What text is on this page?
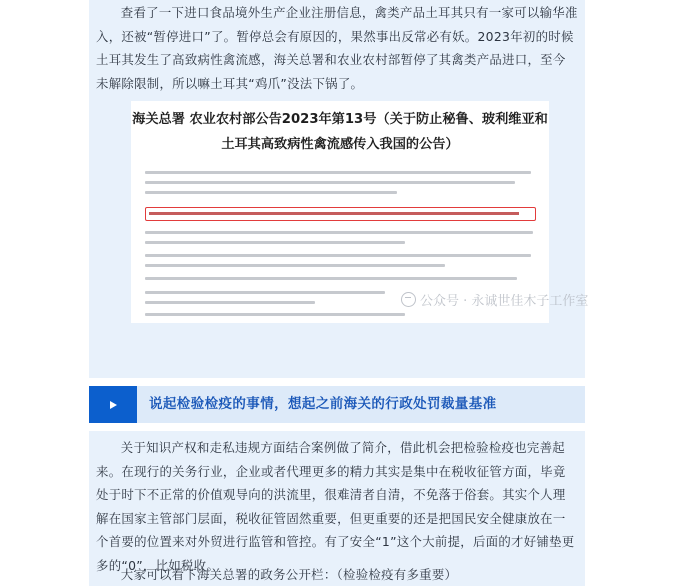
查看了一下进口食品境外生产企业注册信息，禽类产品土耳其只有一家可以输华准入，还被“暂停进口”了。暂停总会有原因的，果然事出反常必有妖。2023年初的时候土耳其发生了高致病性禽流感，海关总署和农业农村部暂停了其禽类产品进口，至今未解除限制，所以嘛土耳其“鸡爪”没法下锅了。

海关总署 农业农村部公告2023年第13号（关于防止秘鲁、玻利维亚和土耳其高致病性禽流感传入我国的公告）
公众号 · 永诚世佳木子工作室
说起检验检疫的事情，想起之前海关的行政处罚裁量基准

关于知识产权和走私违规方面结合案例做了简介，借此机会把检验检疫也完善起来。在现行的关务行业，企业或者代理更多的精力其实是集中在税收征管方面，毕竟处于时下不正常的价值观导向的洪流里，很难清者自清，不免落于俗套。其实个人理解在国家主管部门层面，税收征管固然重要，但更重要的还是把国民安全健康放在一个首要的位置来对外贸进行监管和管控。有了安全“1”这个大前提，后面的才好铺垫更多的“0”，比如税收。

大家可以看下海关总署的政务公开栏：（检验检疫有多重要）
